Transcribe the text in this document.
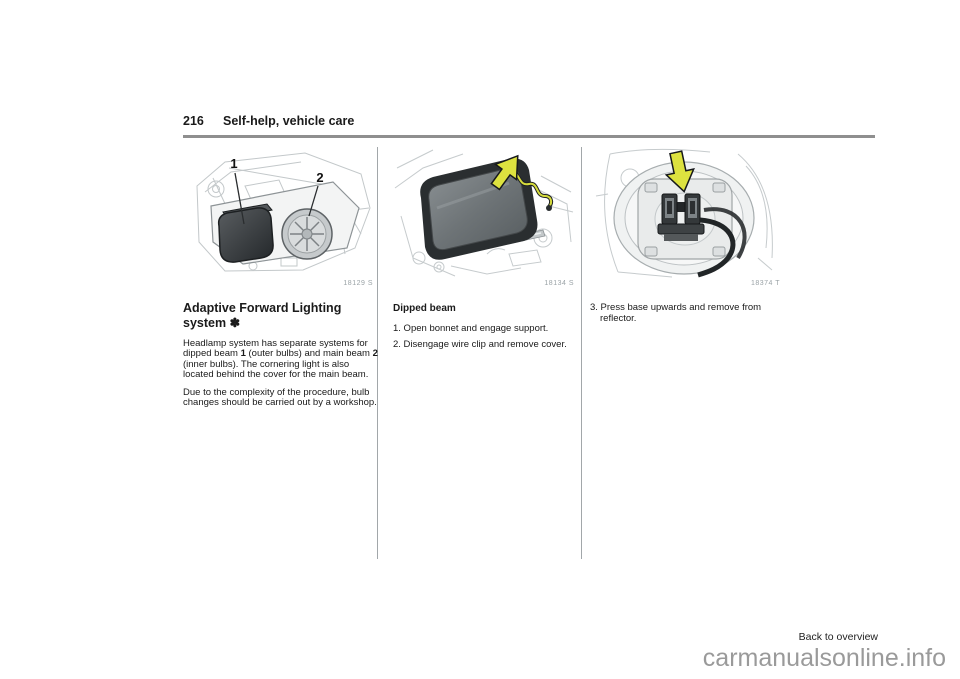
216 Self-help, vehicle care
1
2
18129 S	18134 S	18374 T
Adaptive Forward Lighting system ✽

Headlamp system has separate systems for dipped beam 1 (outer bulbs) and main beam 2 (inner bulbs). The cornering light is also located behind the cover for the main beam.

Due to the complexity of the procedure, bulb changes should be carried out by a workshop.

Dipped beam
1. Open bonnet and engage support.
2. Disengage wire clip and remove cover.

3. Press base upwards and remove from reflector.

Back to overview
carmanualsonline.info
